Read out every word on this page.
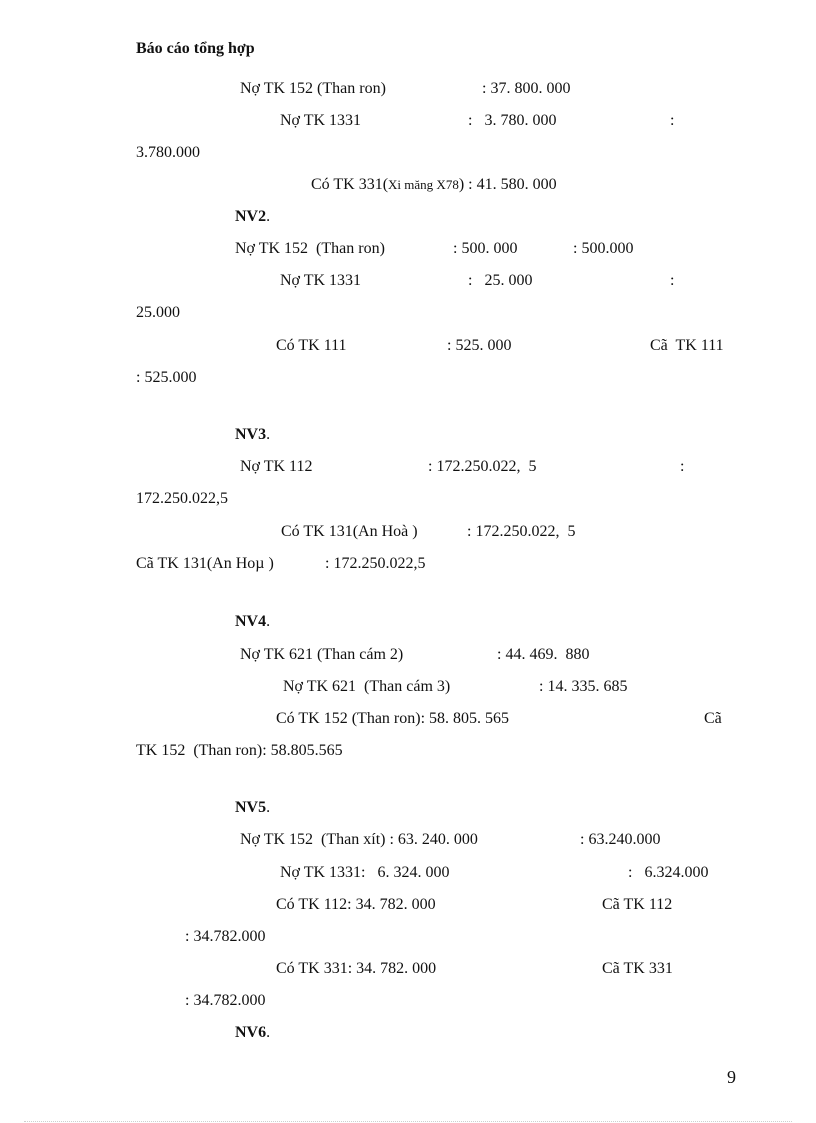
Báo cáo tổng hợp
Nợ TK 152 (Than ron)	: 37. 800. 000
Nợ TK 1331	:   3. 780. 000	:
3.780.000
Có TK 331(Xi măng X78) : 41. 580. 000
NV2.
Nợ TK 152  (Than ron)	: 500. 000	: 500.000
Nợ TK 1331	:   25. 000	:
25.000
Có TK 111	: 525. 000	Cã  TK 111
: 525.000
NV3.
Nợ TK 112	: 172.250.022,  5	:
172.250.022,5
Có TK 131(An Hoà )	: 172.250.022,  5
Cã TK 131(An Hoµ )	: 172.250.022,5
NV4.
Nợ TK 621 (Than cám 2)	: 44. 469.  880
Nợ TK 621  (Than cám 3)	: 14. 335. 685
Có TK 152 (Than ron): 58. 805. 565	Cã
TK 152  (Than ron): 58.805.565
NV5.
Nợ TK 152  (Than xít) : 63. 240. 000	: 63.240.000
Nợ TK 1331:   6. 324. 000	:   6.324.000
Có TK 112: 34. 782. 000	Cã TK 112
: 34.782.000
Có TK 331: 34. 782. 000	Cã TK 331
: 34.782.000
NV6.
9
